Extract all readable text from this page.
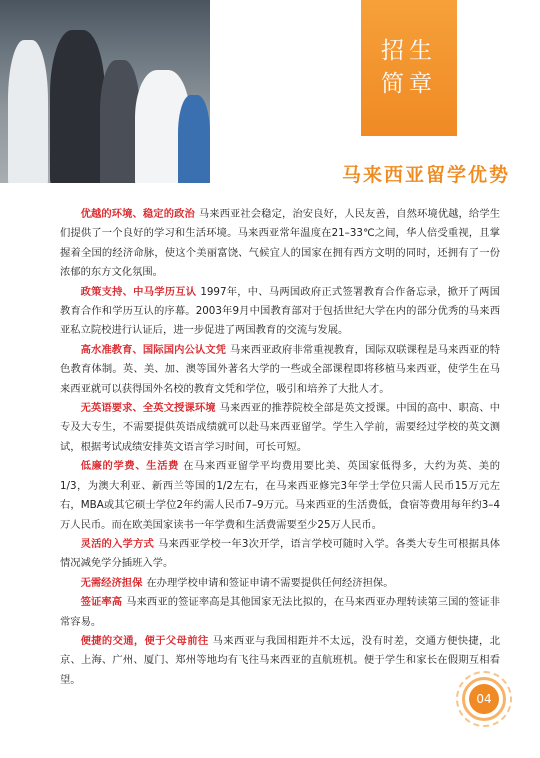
招生
简章
马来西亚留学优势

优越的环境、稳定的政治 马来西亚社会稳定，治安良好，人民友善，自然环境优越，给学生们提供了一个良好的学习和生活环境。马来西亚常年温度在21–33℃之间，华人倍受重视，且掌握着全国的经济命脉，使这个美丽富饶、气候宜人的国家在拥有西方文明的同时，还拥有了一份浓郁的东方文化氛围。

政策支持、中马学历互认 1997年，中、马两国政府正式签署教育合作备忘录，掀开了两国教育合作和学历互认的序幕。2003年9月中国教育部对于包括世纪大学在内的部分优秀的马来西亚私立院校进行认证后，进一步促进了两国教育的交流与发展。

高水准教育、国际国内公认文凭 马来西亚政府非常重视教育，国际双联课程是马来西亚的特色教育体制。英、美、加、澳等国外著名大学的一些或全部课程即将移植马来西亚，使学生在马来西亚就可以获得国外名校的教育文凭和学位，吸引和培养了大批人才。

无英语要求、全英文授课环境 马来西亚的推荐院校全部是英文授课。中国的高中、职高、中专及大专生，不需要提供英语成绩就可以赴马来西亚留学。学生入学前，需要经过学校的英文测试，根据考试成绩安排英文语言学习时间，可长可短。

低廉的学费、生活费 在马来西亚留学平均费用要比美、英国家低得多，大约为英、美的1/3，为澳大利亚、新西兰等国的1/2左右，在马来西亚修完3年学士学位只需人民币15万元左右，MBA或其它硕士学位2年约需人民币7–9万元。马来西亚的生活费低，食宿等费用每年约3–4万人民币。而在欧美国家读书一年学费和生活费需要至少25万人民币。

灵活的入学方式 马来西亚学校一年3次开学，语言学校可随时入学。各类大专生可根据具体情况减免学分插班入学。

无需经济担保 在办理学校申请和签证申请不需要提供任何经济担保。

签证率高 马来西亚的签证率高是其他国家无法比拟的，在马来西亚办理转读第三国的签证非常容易。

便捷的交通，便于父母前往 马来西亚与我国相距并不太远，没有时差，交通方便快捷，北京、上海、广州、厦门、郑州等地均有飞往马来西亚的直航班机。便于学生和家长在假期互相看望。

04
